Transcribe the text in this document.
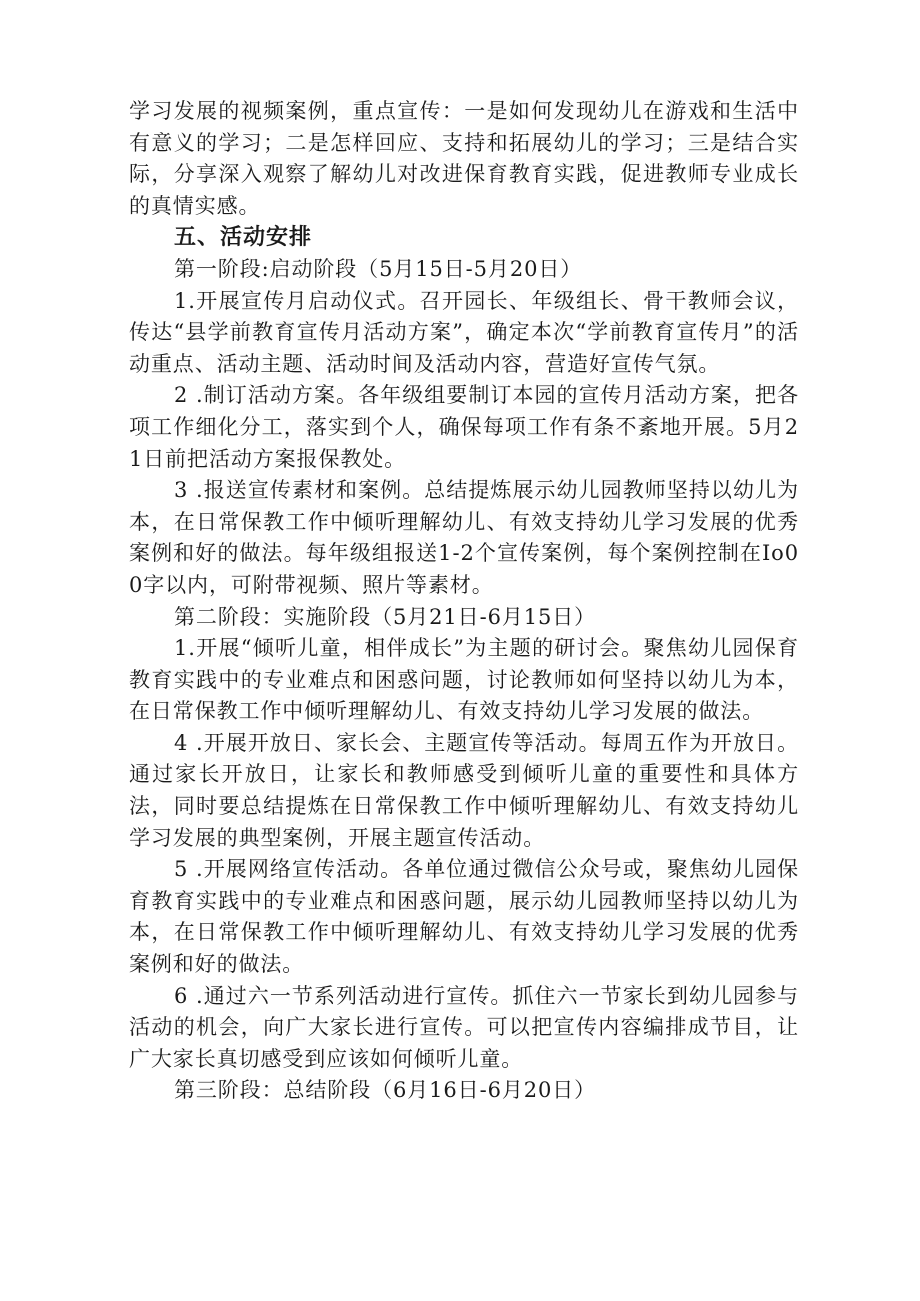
学习发展的视频案例，重点宣传：一是如何发现幼儿在游戏和生活中有意义的学习；二是怎样回应、支持和拓展幼儿的学习；三是结合实际，分享深入观察了解幼儿对改进保育教育实践，促进教师专业成长的真情实感。

五、活动安排

第一阶段:启动阶段（5月15日-5月20日）

1.开展宣传月启动仪式。召开园长、年级组长、骨干教师会议，传达“县学前教育宣传月活动方案”，确定本次“学前教育宣传月”的活动重点、活动主题、活动时间及活动内容，营造好宣传气氛。

2 .制订活动方案。各年级组要制订本园的宣传月活动方案，把各项工作细化分工，落实到个人，确保每项工作有条不紊地开展。5月21日前把活动方案报保教处。

3 .报送宣传素材和案例。总结提炼展示幼儿园教师坚持以幼儿为本，在日常保教工作中倾听理解幼儿、有效支持幼儿学习发展的优秀案例和好的做法。每年级组报送1-2个宣传案例，每个案例控制在Io00字以内，可附带视频、照片等素材。

第二阶段：实施阶段（5月21日-6月15日）

1.开展“倾听儿童，相伴成长”为主题的研讨会。聚焦幼儿园保育教育实践中的专业难点和困惑问题，讨论教师如何坚持以幼儿为本，在日常保教工作中倾听理解幼儿、有效支持幼儿学习发展的做法。

4 .开展开放日、家长会、主题宣传等活动。每周五作为开放日。通过家长开放日，让家长和教师感受到倾听儿童的重要性和具体方法，同时要总结提炼在日常保教工作中倾听理解幼儿、有效支持幼儿学习发展的典型案例，开展主题宣传活动。

5 .开展网络宣传活动。各单位通过微信公众号或，聚焦幼儿园保育教育实践中的专业难点和困惑问题，展示幼儿园教师坚持以幼儿为本，在日常保教工作中倾听理解幼儿、有效支持幼儿学习发展的优秀案例和好的做法。

6 .通过六一节系列活动进行宣传。抓住六一节家长到幼儿园参与活动的机会，向广大家长进行宣传。可以把宣传内容编排成节目，让广大家长真切感受到应该如何倾听儿童。

第三阶段：总结阶段（6月16日-6月20日）
